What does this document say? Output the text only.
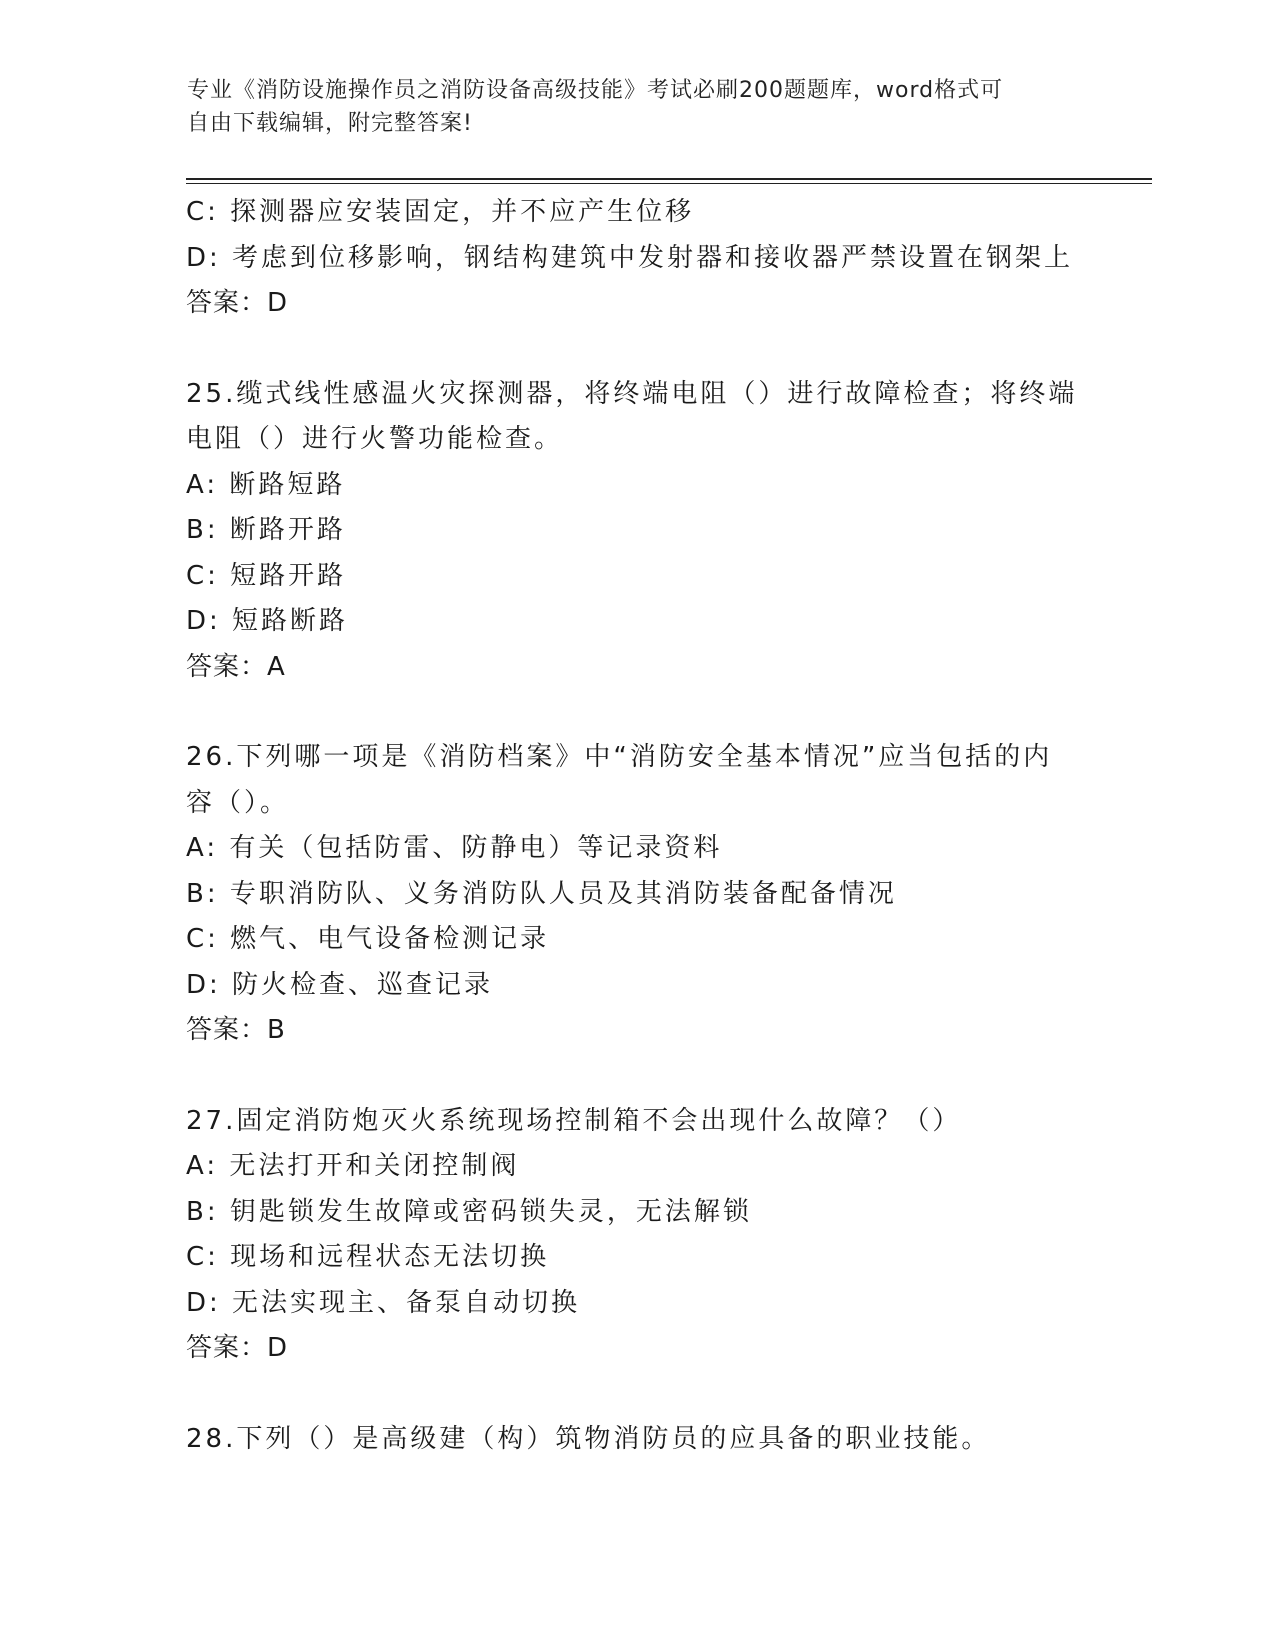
专业《消防设施操作员之消防设备高级技能》考试必刷200题题库，word格式可
自由下载编辑，附完整答案!
C: 探测器应安装固定，并不应产生位移
D: 考虑到位移影响，钢结构建筑中发射器和接收器严禁设置在钢架上
答案：D
25.缆式线性感温火灾探测器，将终端电阻（）进行故障检查；将终端
电阻（）进行火警功能检查。
A: 断路短路
B: 断路开路
C: 短路开路
D: 短路断路
答案：A
26.下列哪一项是《消防档案》中“消防安全基本情况”应当包括的内
容（）。
A: 有关（包括防雷、防静电）等记录资料
B: 专职消防队、义务消防队人员及其消防装备配备情况
C: 燃气、电气设备检测记录
D: 防火检查、巡查记录
答案：B
27.固定消防炮灭火系统现场控制箱不会出现什么故障？（）
A: 无法打开和关闭控制阀
B: 钥匙锁发生故障或密码锁失灵，无法解锁
C: 现场和远程状态无法切换
D: 无法实现主、备泵自动切换
答案：D
28.下列（）是高级建（构）筑物消防员的应具备的职业技能。
